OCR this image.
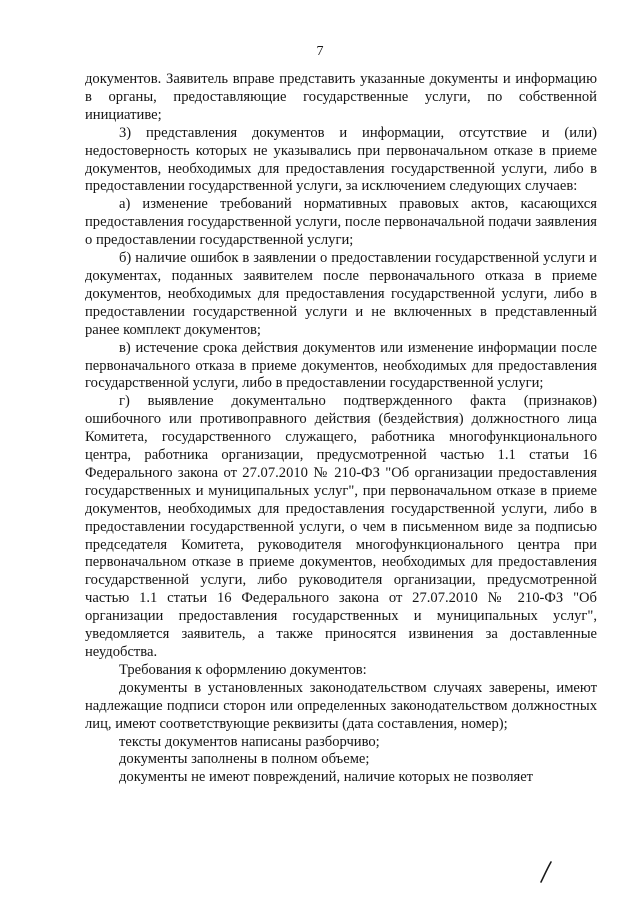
7

документов. Заявитель вправе представить указанные документы и информацию в органы, предоставляющие государственные услуги, по собственной инициативе;

3) представления документов и информации, отсутствие и (или) недостоверность которых не указывались при первоначальном отказе в приеме документов, необходимых для предоставления государственной услуги, либо в предоставлении государственной услуги, за исключением следующих случаев:

а) изменение требований нормативных правовых актов, касающихся предоставления государственной услуги, после первоначальной подачи заявления о предоставлении государственной услуги;

б) наличие ошибок в заявлении о предоставлении государственной услуги и документах, поданных заявителем после первоначального отказа в приеме документов, необходимых для предоставления государственной услуги, либо в предоставлении государственной услуги и не включенных в представленный ранее комплект документов;

в) истечение срока действия документов или изменение информации после первоначального отказа в приеме документов, необходимых для предоставления государственной услуги, либо в предоставлении государственной услуги;

г) выявление документально подтвержденного факта (признаков) ошибочного или противоправного действия (бездействия) должностного лица Комитета, государственного служащего, работника многофункционального центра, работника организации, предусмотренной частью 1.1 статьи 16 Федерального закона от 27.07.2010 № 210-ФЗ "Об организации предоставления государственных и муниципальных услуг", при первоначальном отказе в приеме документов, необходимых для предоставления государственной услуги, либо в предоставлении государственной услуги, о чем в письменном виде за подписью председателя Комитета, руководителя многофункционального центра при первоначальном отказе в приеме документов, необходимых для предоставления государственной услуги, либо руководителя организации, предусмотренной частью 1.1 статьи 16 Федерального закона от 27.07.2010 № 210-ФЗ "Об организации предоставления государственных и муниципальных услуг", уведомляется заявитель, а также приносятся извинения за доставленные неудобства.

Требования к оформлению документов:

документы в установленных законодательством случаях заверены, имеют надлежащие подписи сторон или определенных законодательством должностных лиц, имеют соответствующие реквизиты (дата составления, номер);

тексты документов написаны разборчиво;

документы заполнены в полном объеме;

документы не имеют повреждений, наличие которых не позволяет
